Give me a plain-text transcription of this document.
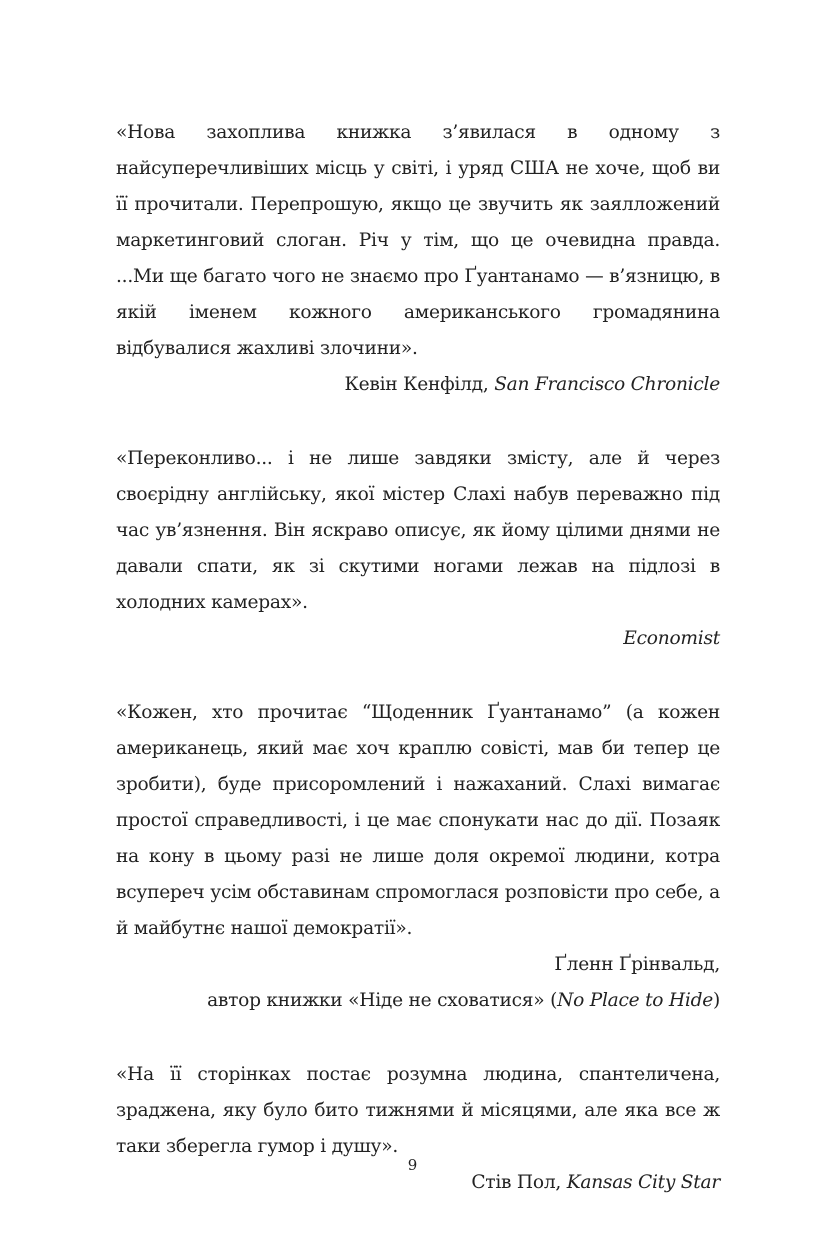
«Нова захоплива книжка з’явилася в одному з найсуперечливіших місць у світі, і уряд США не хоче, щоб ви її прочитали. Перепрошую, якщо це звучить як заялложений маркетинговий слоган. Річ у тім, що це очевидна правда. ...Ми ще багато чого не знаємо про Ґуантанамо — в’язницю, в якій іменем кожного американського громадянина відбувалися жахливі злочини».

Кевін Кенфілд, San Francisco Chronicle

«Переконливо... і не лише завдяки змісту, але й через своєрідну англійську, якої містер Слахі набув переважно під час ув’язнення. Він яскраво описує, як йому цілими днями не давали спати, як зі скутими ногами лежав на підлозі в холодних камерах».

Economist

«Кожен, хто прочитає “Щоденник Ґуантанамо” (а кожен американець, який має хоч краплю совісті, мав би тепер це зробити), буде присоромлений і нажаханий. Слахі вимагає простої справедливості, і це має спонукати нас до дії. Позаяк на кону в цьому разі не лише доля окремої людини, котра всупереч усім обставинам спромоглася розповісти про себе, а й майбутнє нашої демократії».

Ґленн Ґрінвальд,

автор книжки «Ніде не сховатися» (No Place to Hide)

«На її сторінках постає розумна людина, спантеличена, зраджена, яку було бито тижнями й місяцями, але яка все ж таки зберегла гумор і душу».

Стів Пол, Kansas City Star

9
